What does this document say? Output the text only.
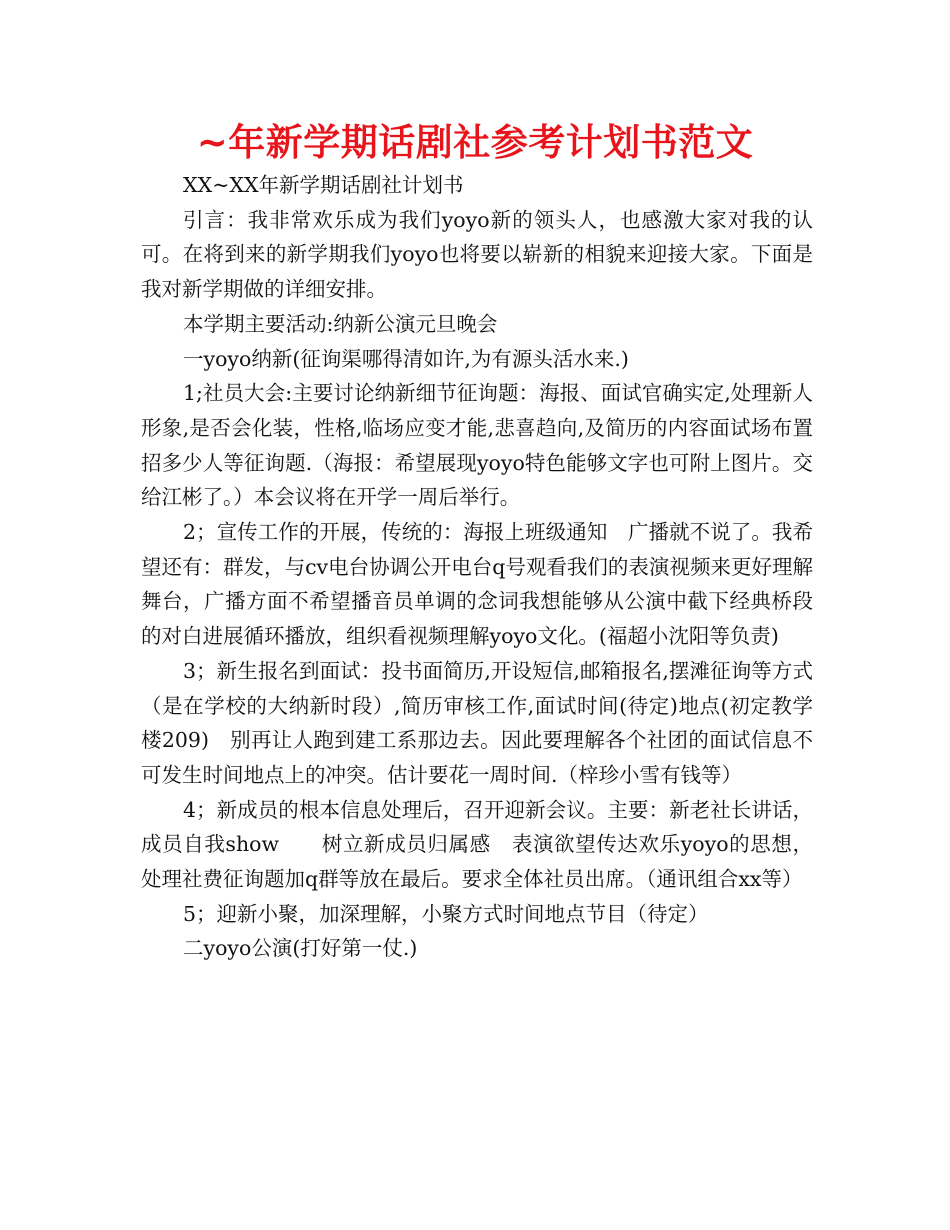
~年新学期话剧社参考计划书范文

XX~XX年新学期话剧社计划书

引言：我非常欢乐成为我们yoyo新的领头人，也感激大家对我的认可。在将到来的新学期我们yoyo也将要以崭新的相貌来迎接大家。下面是我对新学期做的详细安排。

本学期主要活动:纳新公演元旦晚会

一yoyo纳新(征询渠哪得清如许,为有源头活水来.)

1;社员大会:主要讨论纳新细节征询题：海报、面试官确实定,处理新人形象,是否会化装，性格,临场应变才能,悲喜趋向,及简历的内容面试场布置招多少人等征询题.（海报：希望展现yoyo特色能够文字也可附上图片。交给江彬了。）本会议将在开学一周后举行。

2；宣传工作的开展，传统的：海报上班级通知　广播就不说了。我希望还有：群发，与cv电台协调公开电台q号观看我们的表演视频来更好理解舞台，广播方面不希望播音员单调的念词我想能够从公演中截下经典桥段的对白进展循环播放，组织看视频理解yoyo文化。(福超小沈阳等负责)

3；新生报名到面试：投书面简历,开设短信,邮箱报名,摆滩征询等方式（是在学校的大纳新时段）,简历审核工作,面试时间(待定)地点(初定教学楼209)　别再让人跑到建工系那边去。因此要理解各个社团的面试信息不可发生时间地点上的冲突。估计要花一周时间.（梓珍小雪有钱等）

4；新成员的根本信息处理后，召开迎新会议。主要：新老社长讲话，成员自我show　　树立新成员归属感　表演欲望传达欢乐yoyo的思想，处理社费征询题加q群等放在最后。要求全体社员出席。（通讯组合xx等）

5；迎新小聚，加深理解，小聚方式时间地点节目（待定）

二yoyo公演(打好第一仗.)
